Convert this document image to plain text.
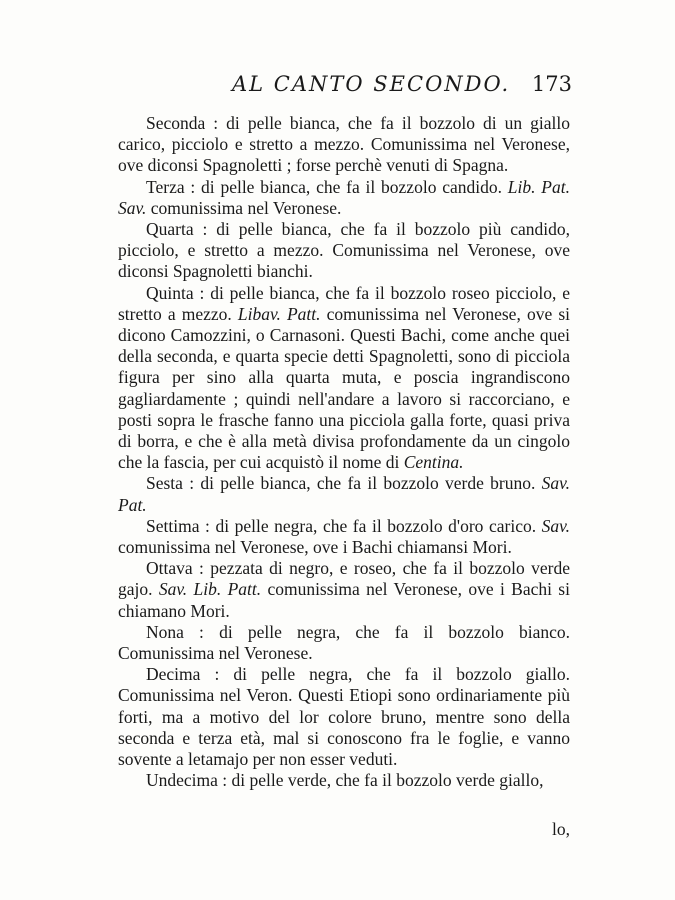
AL CANTO SECONDO. 173

Seconda : di pelle bianca, che fa il bozzolo di un giallo carico, picciolo e stretto a mezzo. Comunissima nel Veronese, ove diconsi Spagnoletti ; forse perchè venuti di Spagna.

Terza : di pelle bianca, che fa il bozzolo candido. Lib. Pat. Sav. comunissima nel Veronese.

Quarta : di pelle bianca, che fa il bozzolo più candido, picciolo, e stretto a mezzo. Comunissima nel Veronese, ove diconsi Spagnoletti bianchi.

Quinta : di pelle bianca, che fa il bozzolo roseo picciolo, e stretto a mezzo. Libav. Patt. comunissima nel Veronese, ove si dicono Camozzini, o Carnasoni. Questi Bachi, come anche quei della seconda, e quarta specie detti Spagnoletti, sono di picciola figura per sino alla quarta muta, e poscia ingrandiscono gagliardamente ; quindi nell'andare a lavoro si raccorciano, e posti sopra le frasche fanno una picciola galla forte, quasi priva di borra, e che è alla metà divisa profondamente da un cingolo che la fascia, per cui acquistò il nome di Centina.

Sesta : di pelle bianca, che fa il bozzolo verde bruno. Sav. Pat.

Settima : di pelle negra, che fa il bozzolo d'oro carico. Sav. comunissima nel Veronese, ove i Bachi chiamansi Mori.

Ottava : pezzata di negro, e roseo, che fa il bozzolo verde gajo. Sav. Lib. Patt. comunissima nel Veronese, ove i Bachi si chiamano Mori.

Nona : di pelle negra, che fa il bozzolo bianco. Comunissima nel Veronese.

Decima : di pelle negra, che fa il bozzolo giallo. Comunissima nel Veron. Questi Etiopi sono ordinariamente più forti, ma a motivo del lor colore bruno, mentre sono della seconda e terza età, mal si conoscono fra le foglie, e vanno sovente a letamajo per non esser veduti.

Undecima : di pelle verde, che fa il bozzolo verde giallo,

lo,
